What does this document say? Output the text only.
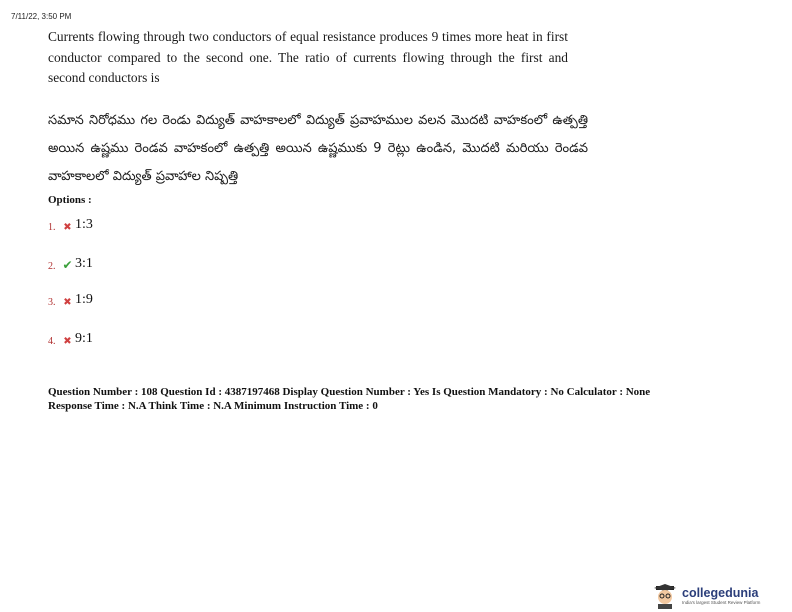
7/11/22, 3:50 PM
Currents flowing through two conductors of equal resistance produces 9 times more heat in first conductor compared to the second one. The ratio of currents flowing through the first and second conductors is
సమాన నిరోధము గల రెండు విద్యుత్ వాహకాలలో విద్యుత్ ప్రవాహముల వలన మొదటి వాహకంలో ఉత్పత్తి అయిన ఉష్ణము రెండవ వాహకంలో ఉత్పత్తి అయిన ఉష్ణముకు 9 రెట్లు ఉండిన, మొదటి మరియు రెండవ వాహకాలలో విద్యుత్ ప్రవాహాల నిష్పత్తి
Options :
1. ✖ 1:3
2. ✔ 3:1
3. ✖ 1:9
4. ✖ 9:1
Question Number : 108 Question Id : 4387197468 Display Question Number : Yes Is Question Mandatory : No Calculator : None
Response Time : N.A Think Time : N.A Minimum Instruction Time : 0
collegedunia
India's largest Student Review Platform
